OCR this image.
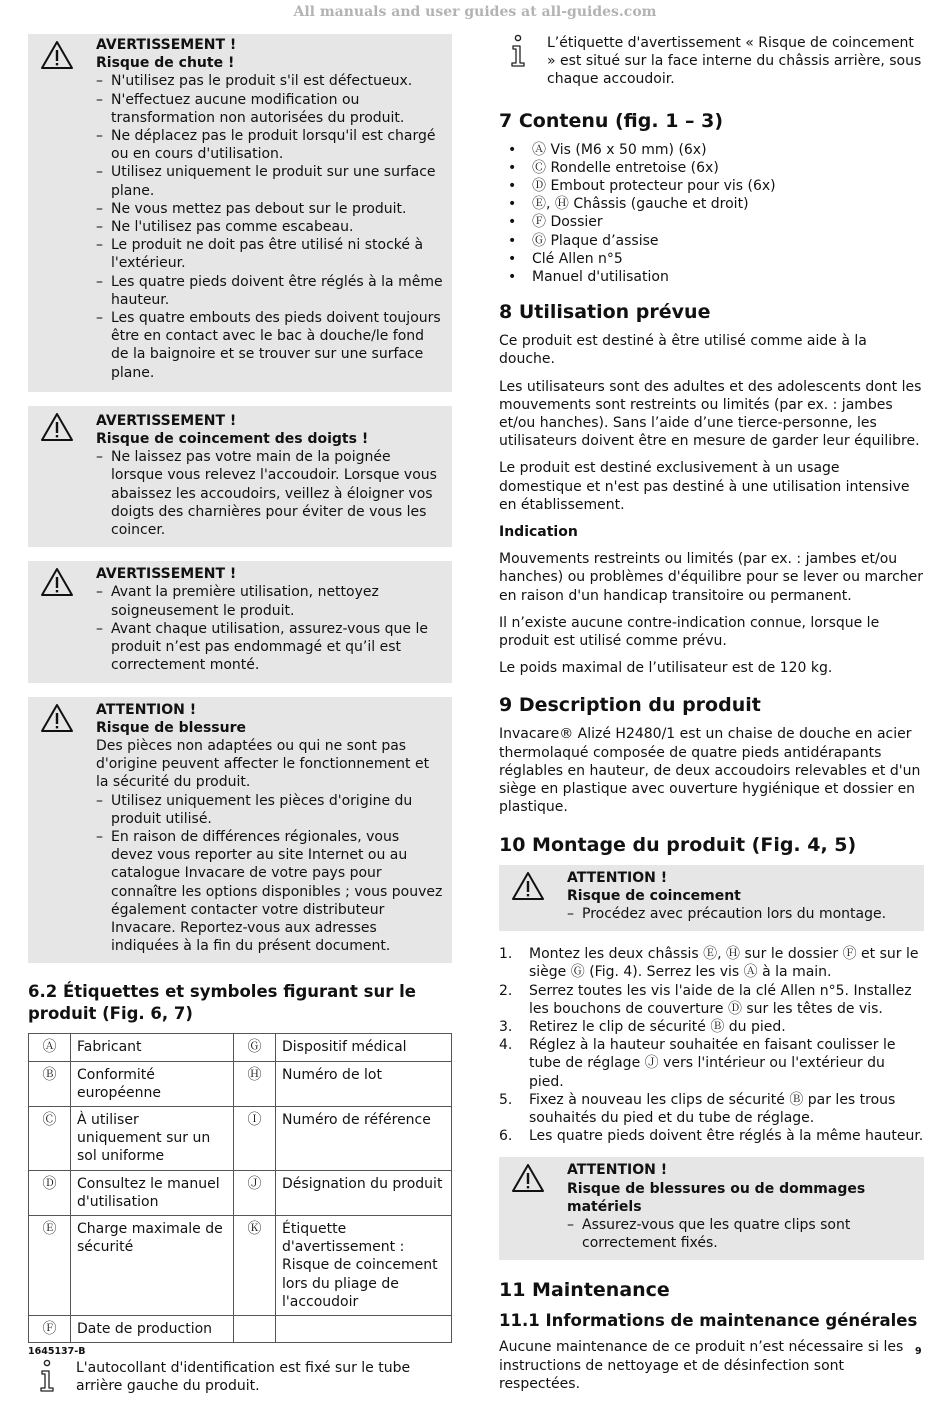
All manuals and user guides at all-guides.com
AVERTISSEMENT !
Risque de chute !
– N'utilisez pas le produit s'il est défectueux.
– N'effectuez aucune modification ou transformation non autorisées du produit.
– Ne déplacez pas le produit lorsqu'il est chargé ou en cours d'utilisation.
– Utilisez uniquement le produit sur une surface plane.
– Ne vous mettez pas debout sur le produit.
– Ne l'utilisez pas comme escabeau.
– Le produit ne doit pas être utilisé ni stocké à l'extérieur.
– Les quatre pieds doivent être réglés à la même hauteur.
– Les quatre embouts des pieds doivent toujours être en contact avec le bac à douche/le fond de la baignoire et se trouver sur une surface plane.
AVERTISSEMENT !
Risque de coincement des doigts !
– Ne laissez pas votre main de la poignée lorsque vous relevez l'accoudoir. Lorsque vous abaissez les accoudoirs, veillez à éloigner vos doigts des charnières pour éviter de vous les coincer.
AVERTISSEMENT !
– Avant la première utilisation, nettoyez soigneusement le produit.
– Avant chaque utilisation, assurez-vous que le produit n’est pas endommagé et qu’il est correctement monté.
ATTENTION !
Risque de blessure
Des pièces non adaptées ou qui ne sont pas d'origine peuvent affecter le fonctionnement et la sécurité du produit.
– Utilisez uniquement les pièces d'origine du produit utilisé.
– En raison de différences régionales, vous devez vous reporter au site Internet ou au catalogue Invacare de votre pays pour connaître les options disponibles ; vous pouvez également contacter votre distributeur Invacare. Reportez-vous aux adresses indiquées à la fin du présent document.
6.2 Étiquettes et symboles figurant sur le produit (Fig. 6, 7)
Ⓐ	Fabricant	Ⓖ	Dispositif médical
Ⓑ	Conformité européenne	Ⓗ	Numéro de lot
Ⓒ	À utiliser uniquement sur un sol uniforme	Ⓘ	Numéro de référence
Ⓓ	Consultez le manuel d'utilisation	Ⓙ	Désignation du produit
Ⓔ	Charge maximale de sécurité	Ⓚ	Étiquette d'avertissement : Risque de coincement lors du pliage de l'accoudoir
Ⓕ	Date de production		
L'autocollant d'identification est fixé sur le tube arrière gauche du produit.
L’étiquette d'avertissement « Risque de coincement » est situé sur la face interne du châssis arrière, sous chaque accoudoir.
7 Contenu (fig. 1 – 3)
• Ⓐ Vis (M6 x 50 mm) (6x)
• Ⓒ Rondelle entretoise (6x)
• Ⓓ Embout protecteur pour vis (6x)
• Ⓔ, Ⓗ Châssis (gauche et droit)
• Ⓕ Dossier
• Ⓖ Plaque d’assise
• Clé Allen n°5
• Manuel d'utilisation
8 Utilisation prévue

Ce produit est destiné à être utilisé comme aide à la douche.

Les utilisateurs sont des adultes et des adolescents dont les mouvements sont restreints ou limités (par ex. : jambes et/ou hanches). Sans l’aide d’une tierce-personne, les utilisateurs doivent être en mesure de garder leur équilibre.

Le produit est destiné exclusivement à un usage domestique et n'est pas destiné à une utilisation intensive en établissement.

Indication

Mouvements restreints ou limités (par ex. : jambes et/ou hanches) ou problèmes d'équilibre pour se lever ou marcher en raison d'un handicap transitoire ou permanent.

Il n’existe aucune contre-indication connue, lorsque le produit est utilisé comme prévu.

Le poids maximal de l’utilisateur est de 120 kg.

9 Description du produit

Invacare® Alizé H2480/1 est un chaise de douche en acier thermolaqué composée de quatre pieds antidérapants réglables en hauteur, de deux accoudoirs relevables et d'un siège en plastique avec ouverture hygiénique et dossier en plastique.

10 Montage du produit (Fig. 4, 5)
ATTENTION !
Risque de coincement
– Procédez avec précaution lors du montage.
1. Montez les deux châssis Ⓔ, Ⓗ sur le dossier Ⓕ et sur le siège Ⓖ (Fig. 4). Serrez les vis Ⓐ à la main.
2. Serrez toutes les vis l'aide de la clé Allen n°5. Installez les bouchons de couverture Ⓓ sur les têtes de vis.
3. Retirez le clip de sécurité Ⓑ du pied.
4. Réglez à la hauteur souhaitée en faisant coulisser le tube de réglage Ⓙ vers l'intérieur ou l'extérieur du pied.
5. Fixez à nouveau les clips de sécurité Ⓑ par les trous souhaités du pied et du tube de réglage.
6. Les quatre pieds doivent être réglés à la même hauteur.
ATTENTION !
Risque de blessures ou de dommages matériels
– Assurez-vous que les quatre clips sont correctement fixés.
11 Maintenance
11.1 Informations de maintenance générales

Aucune maintenance de ce produit n’est nécessaire si les instructions de nettoyage et de désinfection sont respectées.

1645137-B	9
